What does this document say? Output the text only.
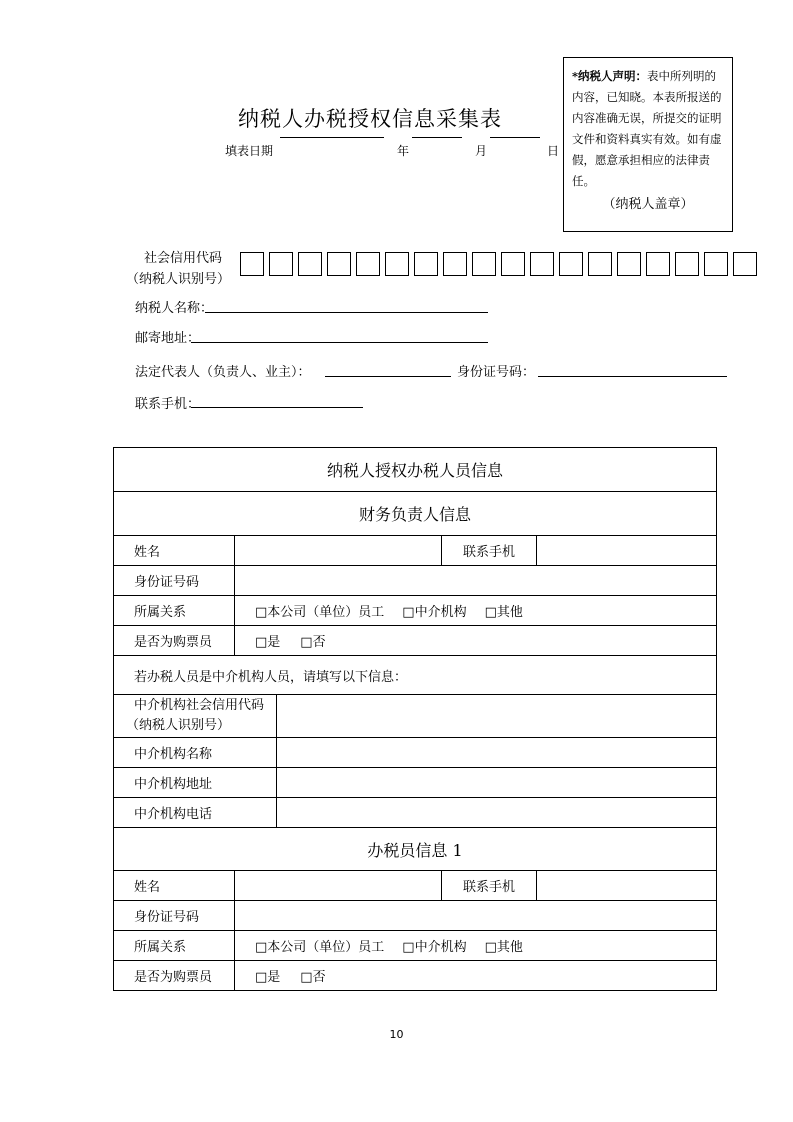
纳税人办税授权信息采集表
填表日期	年	月	日
*纳税人声明：表中所列明的内容，已知晓。本表所报送的内容准确无误，所提交的证明文件和资料真实有效。如有虚假，愿意承担相应的法律责任。
（纳税人盖章）
社会信用代码
（纳税人识别号）
纳税人名称：
邮寄地址：
法定代表人（负责人、业主）：	身份证号码：
联系手机：
纳税人授权办税人员信息				
财务负责人信息				
姓名			联系手机	
身份证号码				
所属关系	□本公司（单位）员工 □中介机构 □其他			
是否为购票员	□是 □否			
若办税人员是中介机构人员，请填写以下信息：				

中介机构社会信用代码
（纳税人识别号）				

中介机构名称				
中介机构地址				
中介机构电话				
办税员信息 1				
姓名			联系手机	
身份证号码				
所属关系	□本公司（单位）员工 □中介机构 □其他			
是否为购票员	□是 □否			
10
